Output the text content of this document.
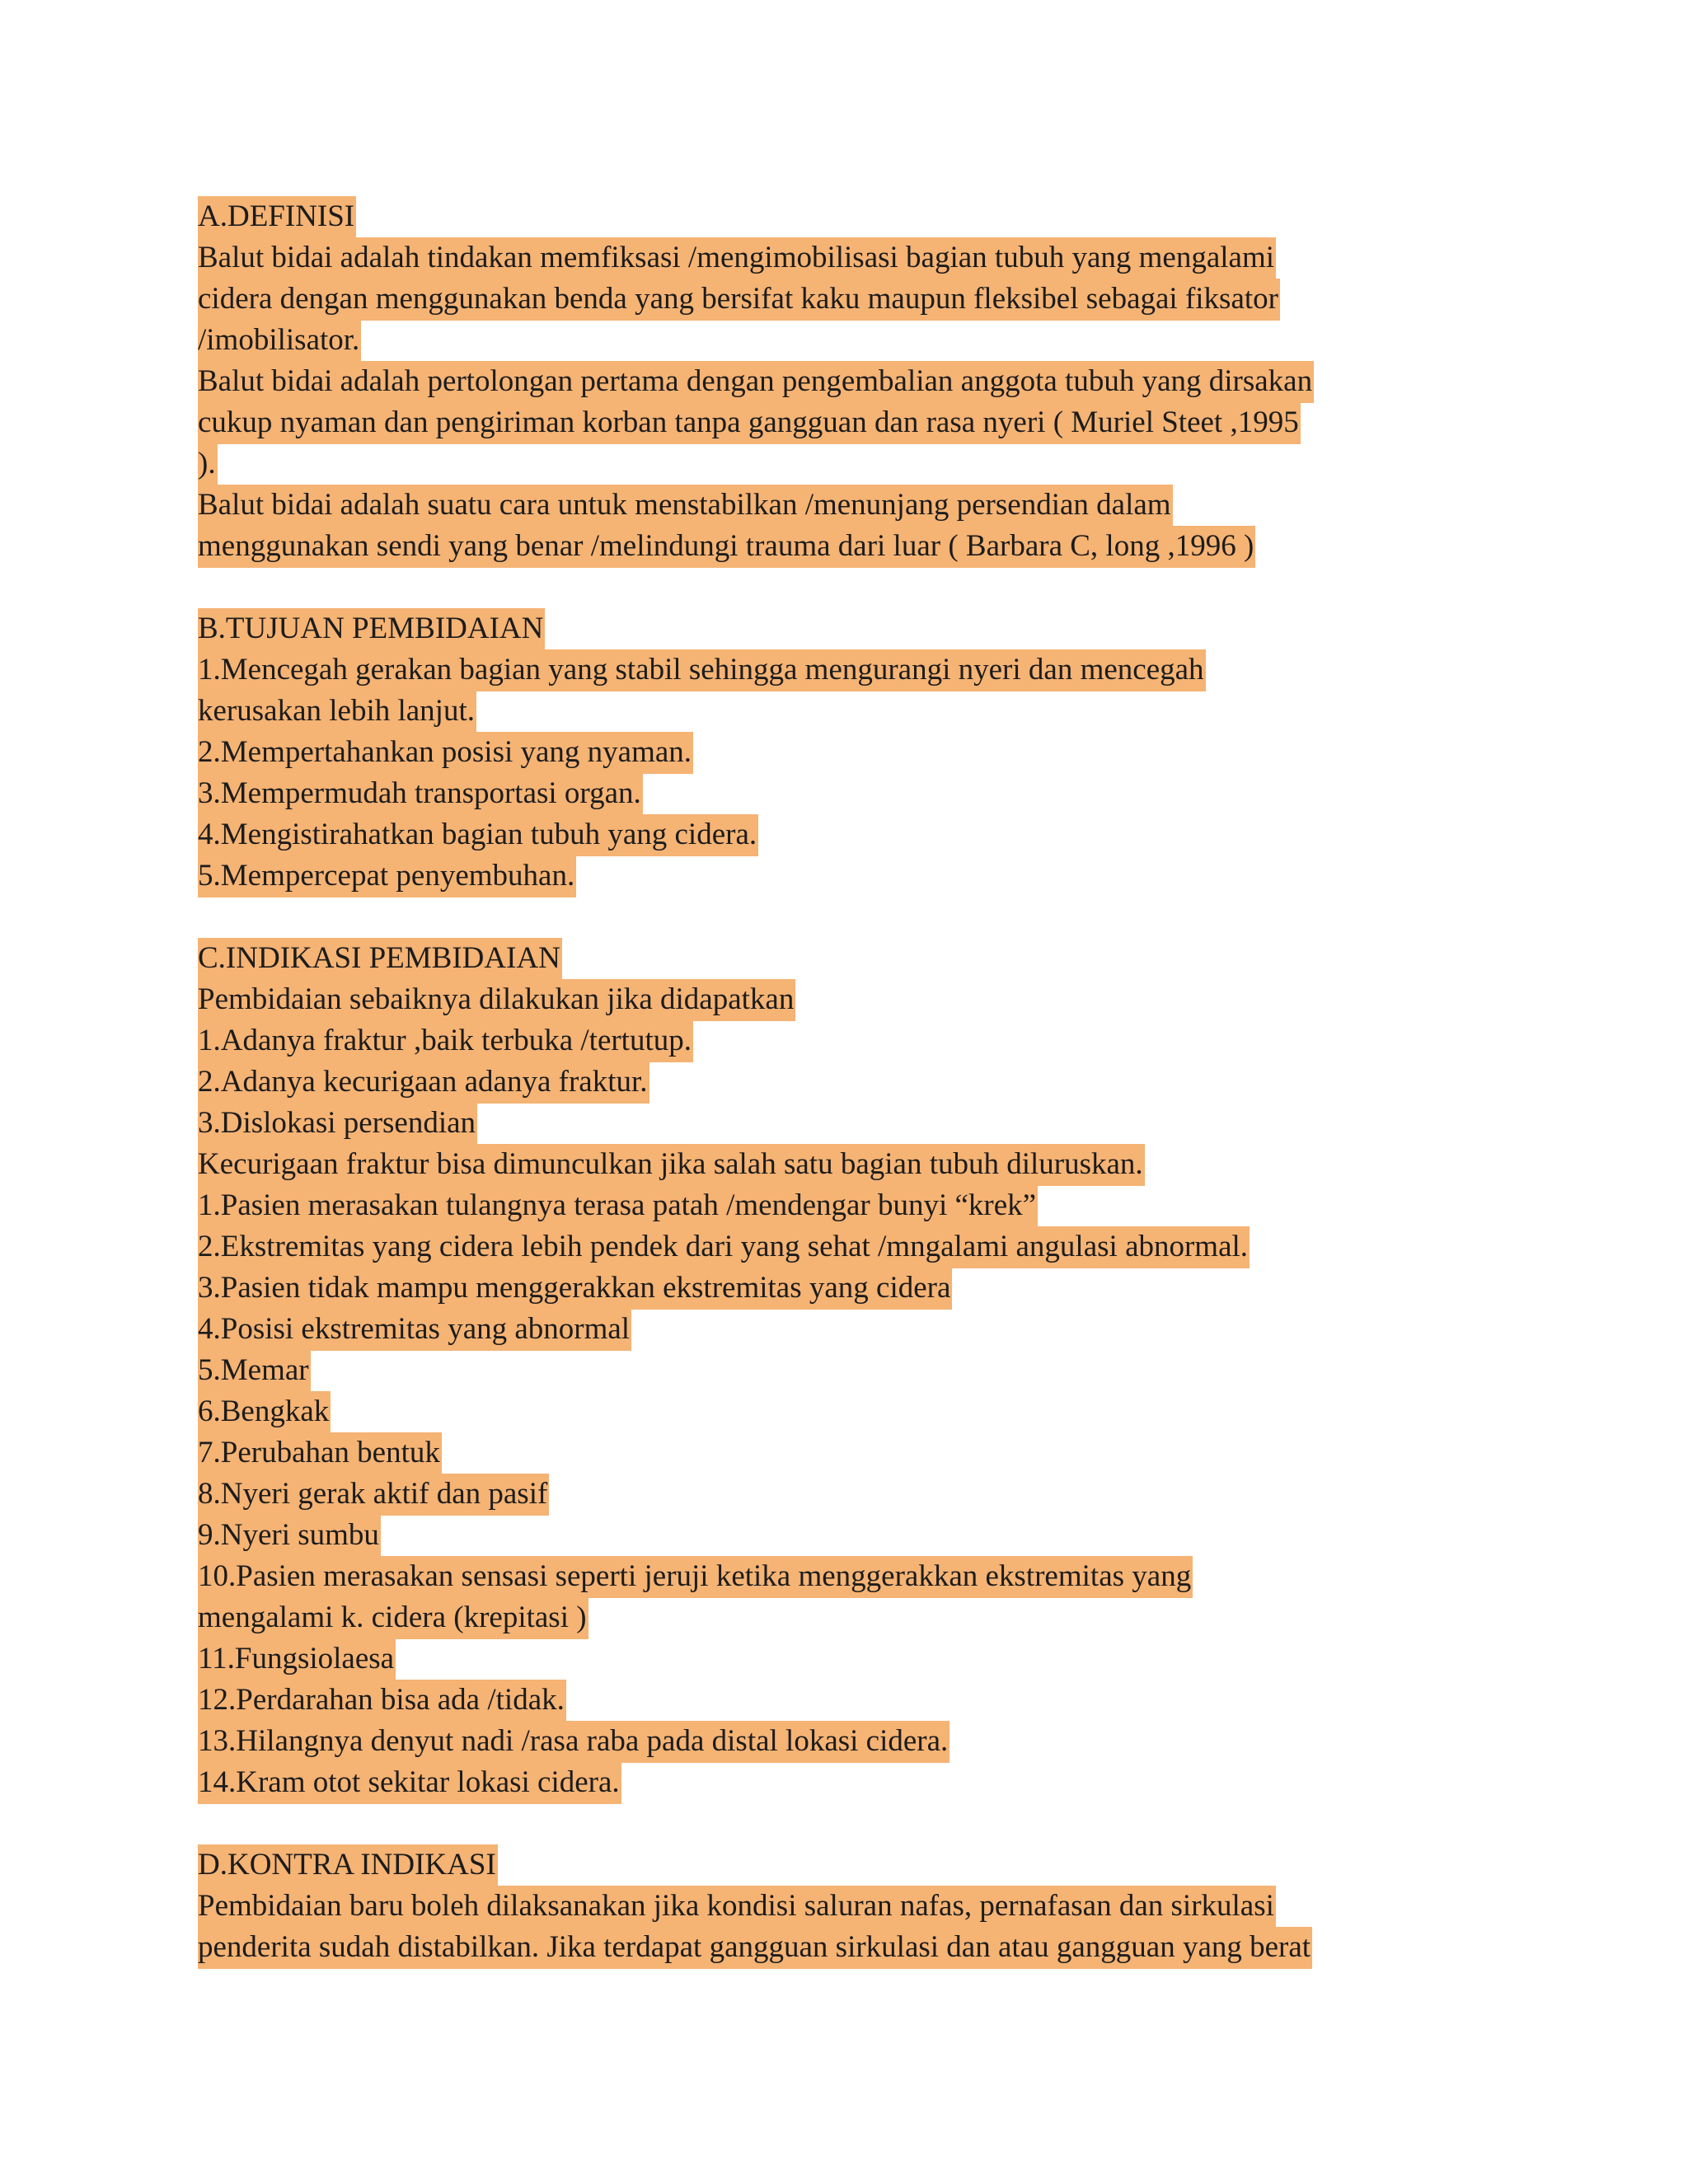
A.DEFINISI
Balut bidai adalah tindakan memfiksasi /mengimobilisasi bagian tubuh yang mengalami
cidera dengan menggunakan benda yang bersifat kaku maupun fleksibel sebagai fiksator
/imobilisator.
Balut bidai adalah pertolongan pertama dengan pengembalian anggota tubuh yang dirsakan
cukup nyaman dan pengiriman korban tanpa gangguan dan rasa nyeri ( Muriel Steet ,1995
).
Balut bidai adalah suatu cara untuk menstabilkan /menunjang persendian dalam
menggunakan sendi yang benar /melindungi trauma dari luar ( Barbara C, long ,1996 )
B.TUJUAN PEMBIDAIAN
1.Mencegah gerakan bagian yang stabil sehingga mengurangi nyeri dan mencegah
kerusakan lebih lanjut.
2.Mempertahankan posisi yang nyaman.
3.Mempermudah transportasi organ.
4.Mengistirahatkan bagian tubuh yang cidera.
5.Mempercepat penyembuhan.
C.INDIKASI PEMBIDAIAN
Pembidaian sebaiknya dilakukan jika didapatkan
1.Adanya fraktur ,baik terbuka /tertutup.
2.Adanya kecurigaan adanya fraktur.
3.Dislokasi persendian
Kecurigaan fraktur bisa dimunculkan jika salah satu bagian tubuh diluruskan.
1.Pasien merasakan tulangnya terasa patah /mendengar bunyi “krek”
2.Ekstremitas yang cidera lebih pendek dari yang sehat /mngalami angulasi abnormal.
3.Pasien tidak mampu menggerakkan ekstremitas yang cidera
4.Posisi ekstremitas yang abnormal
5.Memar
6.Bengkak
7.Perubahan bentuk
8.Nyeri gerak aktif dan pasif
9.Nyeri sumbu
10.Pasien merasakan sensasi seperti jeruji ketika menggerakkan ekstremitas yang
mengalami k. cidera (krepitasi )
11.Fungsiolaesa
12.Perdarahan bisa ada /tidak.
13.Hilangnya denyut nadi /rasa raba pada distal lokasi cidera.
14.Kram otot sekitar lokasi cidera.
D.KONTRA INDIKASI
Pembidaian baru boleh dilaksanakan jika kondisi saluran nafas, pernafasan dan sirkulasi
penderita sudah distabilkan. Jika terdapat gangguan sirkulasi dan atau gangguan yang berat
